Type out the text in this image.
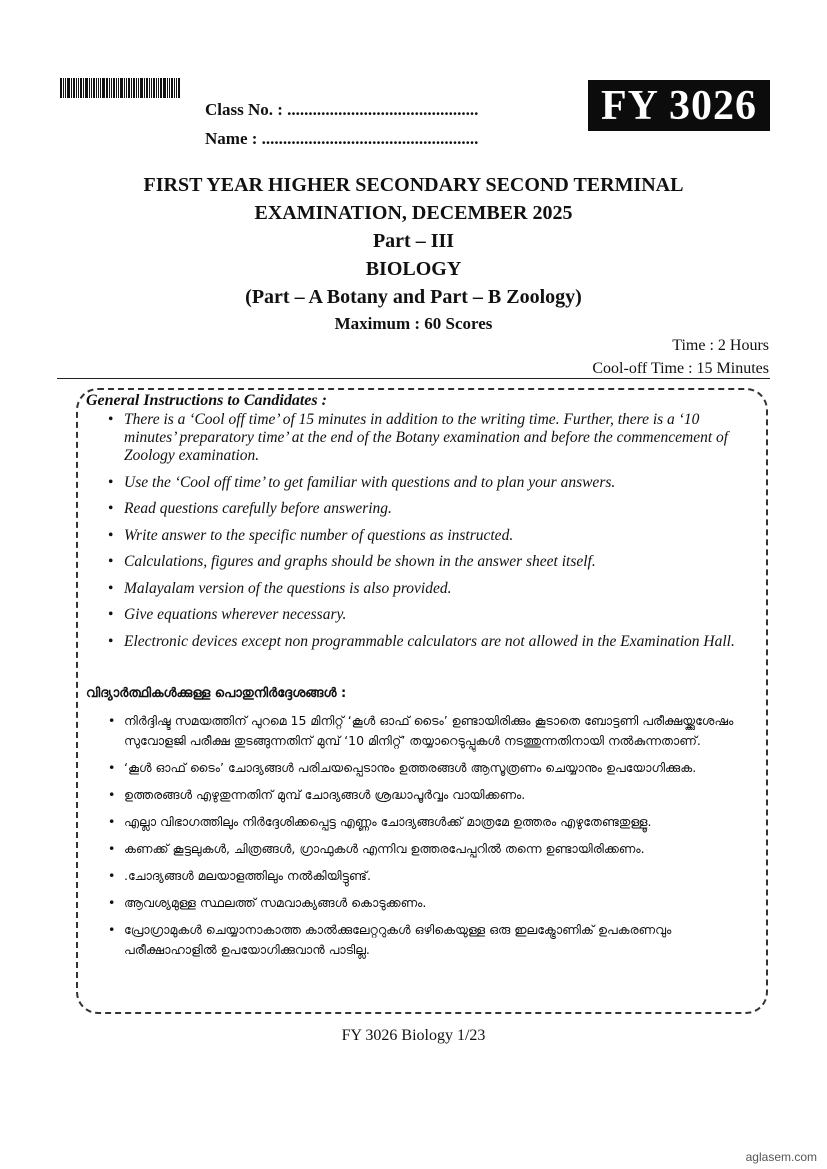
Class No. : .............................................
Name : ...................................................
FY 3026
FIRST YEAR HIGHER SECONDARY SECOND TERMINAL
EXAMINATION, DECEMBER 2025
Part – III
BIOLOGY
(Part – A Botany and Part – B Zoology)
Maximum : 60 Scores
Time : 2 Hours
Cool-off Time : 15 Minutes
General Instructions to Candidates :
• There is a ‘Cool off time’ of 15 minutes in addition to the writing time. Further, there is a ‘10 minutes’ preparatory time’ at the end of the Botany examination and before the commencement of Zoology examination.
• Use the ‘Cool off time’ to get familiar with questions and to plan your answers.
• Read questions carefully before answering.
• Write answer to the specific number of questions as instructed.
• Calculations, figures and graphs should be shown in the answer sheet itself.
• Malayalam version of the questions is also provided.
• Give equations wherever necessary.
• Electronic devices except non programmable calculators are not allowed in the Examination Hall.
വിദ്യാർത്ഥികൾക്കുള്ള പൊതുനിർദ്ദേശങ്ങൾ :
• നിർദ്ദിഷ്ട സമയത്തിന് പുറമെ 15 മിനിറ്റ് ‘കൂൾ ഓഫ് ടൈം’ ഉണ്ടായിരിക്കും കൂടാതെ ബോട്ടണി പരീക്ഷയ്ക്കുശേഷം സുവോളജി പരീക്ഷ തുടങ്ങുന്നതിന് മുമ്പ് ‘10 മിനിറ്റ്’ തയ്യാറെടുപ്പുകൾ നടത്തുന്നതിനായി നൽകുന്നതാണ്.
• ‘കൂൾ ഓഫ് ടൈം’ ചോദ്യങ്ങൾ പരിചയപ്പെടാനും ഉത്തരങ്ങൾ ആസൂത്രണം ചെയ്യാനും ഉപയോഗിക്കുക.
• ഉത്തരങ്ങൾ എഴുതുന്നതിന് മുമ്പ് ചോദ്യങ്ങൾ ശ്രദ്ധാപൂർവ്വം വായിക്കണം.
• എല്ലാ വിഭാഗത്തിലും നിർദ്ദേശിക്കപ്പെട്ട എണ്ണം ചോദ്യങ്ങൾക്ക് മാത്രമേ ഉത്തരം എഴുതേണ്ടതുള്ളൂ.
• കണക്ക് കൂട്ടലുകൾ, ചിത്രങ്ങൾ, ഗ്രാഫുകൾ എന്നിവ ഉത്തരപേപ്പറിൽ തന്നെ ഉണ്ടായിരിക്കണം.
• .ചോദ്യങ്ങൾ മലയാളത്തിലും നൽകിയിട്ടുണ്ട്.
• ആവശ്യമുള്ള സ്ഥലത്ത് സമവാക്യങ്ങൾ കൊടുക്കണം.
• പ്രോഗ്രാമുകൾ ചെയ്യാനാകാത്ത കാൽക്കുലേറ്ററുകൾ ഒഴികെയുള്ള ഒരു ഇലക്ട്രോണിക് ഉപകരണവും പരീക്ഷാഹാളിൽ ഉപയോഗിക്കുവാൻ പാടില്ല.
FY 3026 Biology 1/23
aglasem.com
